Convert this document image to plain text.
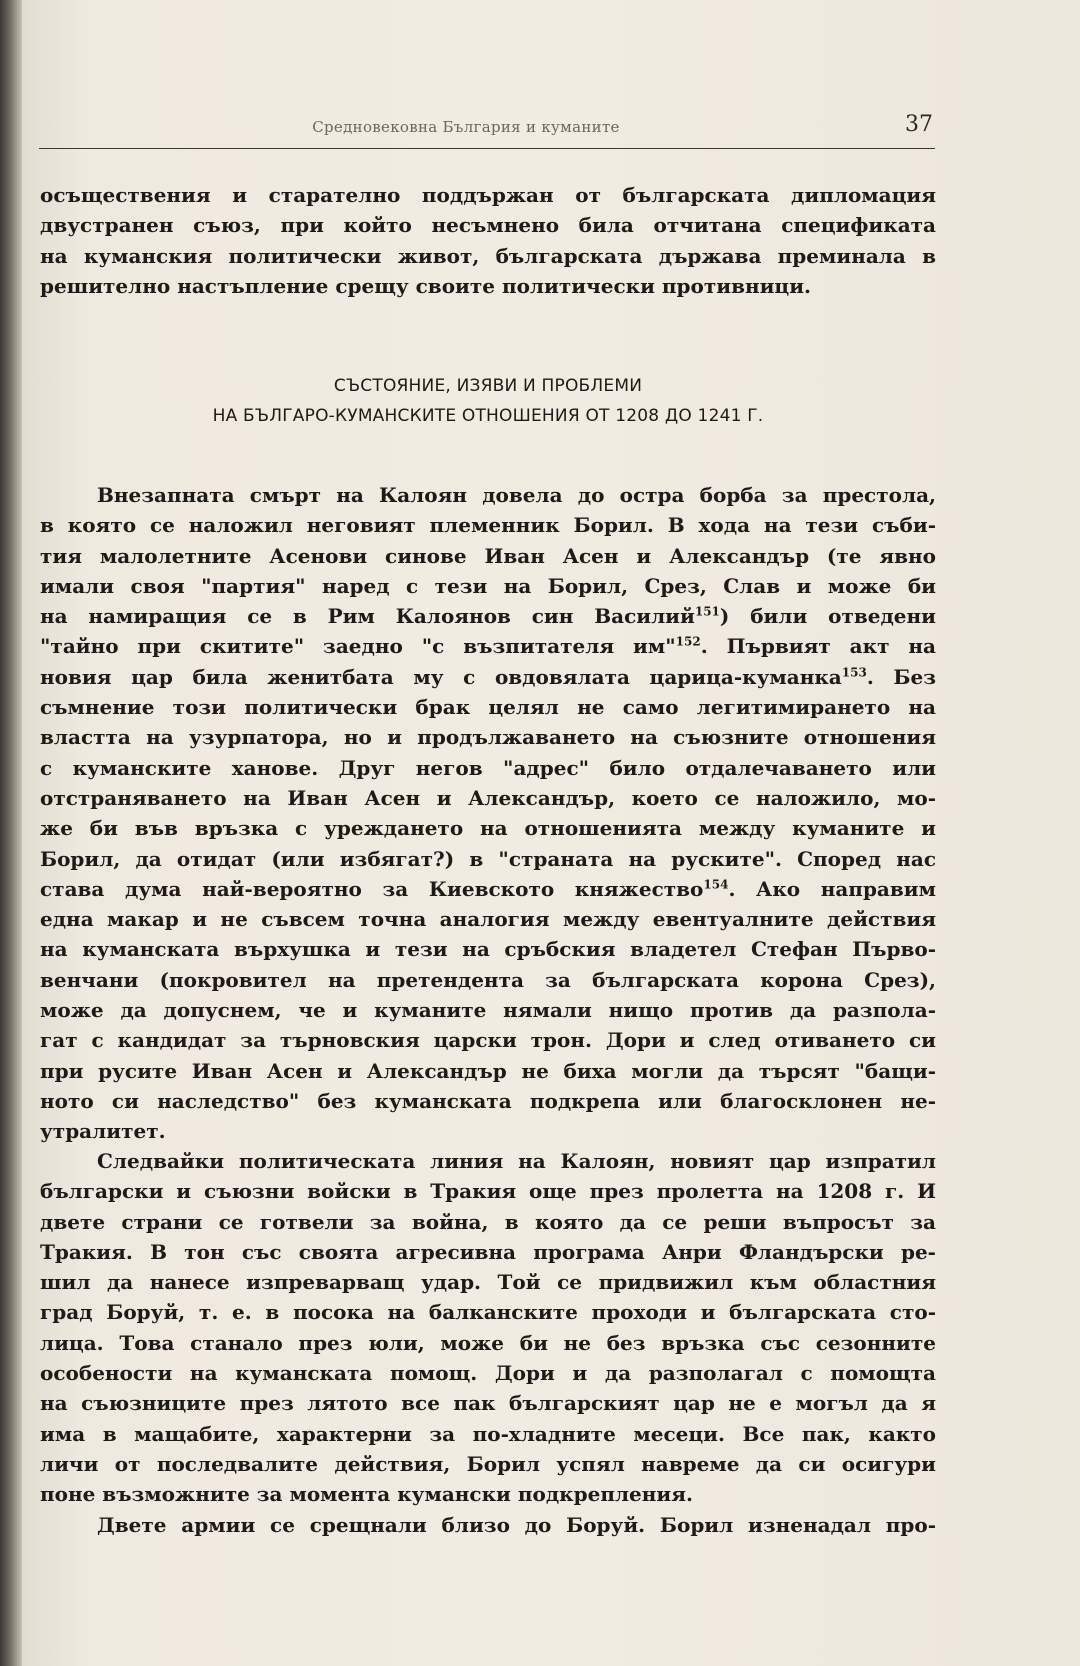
Средновековна България и куманите	37

осъществения и старателно поддържан от българската дипломация
двустранен съюз, при който несъмнено била отчитана спецификата
на куманския политически живот, българската държава преминала в
решително настъпление срещу своите политически противници.

СЪСТОЯНИЕ, ИЗЯВИ И ПРОБЛЕМИ
НА БЪЛГАРО-КУМАНСКИТЕ ОТНОШЕНИЯ ОТ 1208 ДО 1241 Г.

Внезапната смърт на Калоян довела до остра борба за престола,
в която се наложил неговият племенник Борил. В хода на тези съби-
тия малолетните Асенови синове Иван Асен и Александър (те явно
имали своя "партия" наред с тези на Борил, Срез, Слав и може би
на намиращия се в Рим Калоянов син Василий$^{151}$) били отведени
"тайно при скитите" заедно "с възпитателя им"$^{152}$. Първият акт на
новия цар била женитбата му с овдовялата царица-куманка$^{153}$. Без
съмнение този политически брак целял не само легитимирането на
властта на узурпатора, но и продължаването на съюзните отношения
с куманските ханове. Друг негов "адрес" било отдалечаването или
отстраняването на Иван Асен и Александър, което се наложило, мо-
же би във връзка с уреждането на отношенията между куманите и
Борил, да отидат (или избягат?) в "страната на руските". Според нас
става дума най-вероятно за Киевското княжество$^{154}$. Ако направим
една макар и не съвсем точна аналогия между евентуалните действия
на куманската върхушка и тези на сръбския владетел Стефан Първо-
венчани (покровител на претендента за българската корона Срез),
може да допуснем, че и куманите нямали нищо против да разпола-
гат с кандидат за търновския царски трон. Дори и след отиването си
при русите Иван Асен и Александър не биха могли да търсят "бащи-
ното си наследство" без куманската подкрепа или благосклонен не-
утралитет.

Следвайки политическата линия на Калоян, новият цар изпратил
български и съюзни войски в Тракия още през пролетта на 1208 г. И
двете страни се готвели за война, в която да се реши въпросът за
Тракия. В тон със своята агресивна програма Анри Фландърски ре-
шил да нанесе изпреварващ удар. Той се придвижил към областния
град Боруй, т. е. в посока на балканските проходи и българската сто-
лица. Това станало през юли, може би не без връзка със сезонните
особености на куманската помощ. Дори и да разполагал с помощта
на съюзниците през лятото все пак българският цар не е могъл да я
има в мащабите, характерни за по-хладните месеци. Все пак, както
личи от последвалите действия, Борил успял навреме да си осигури
поне възможните за момента кумански подкрепления.

Двете армии се срещнали близо до Боруй. Борил изненадал про-
